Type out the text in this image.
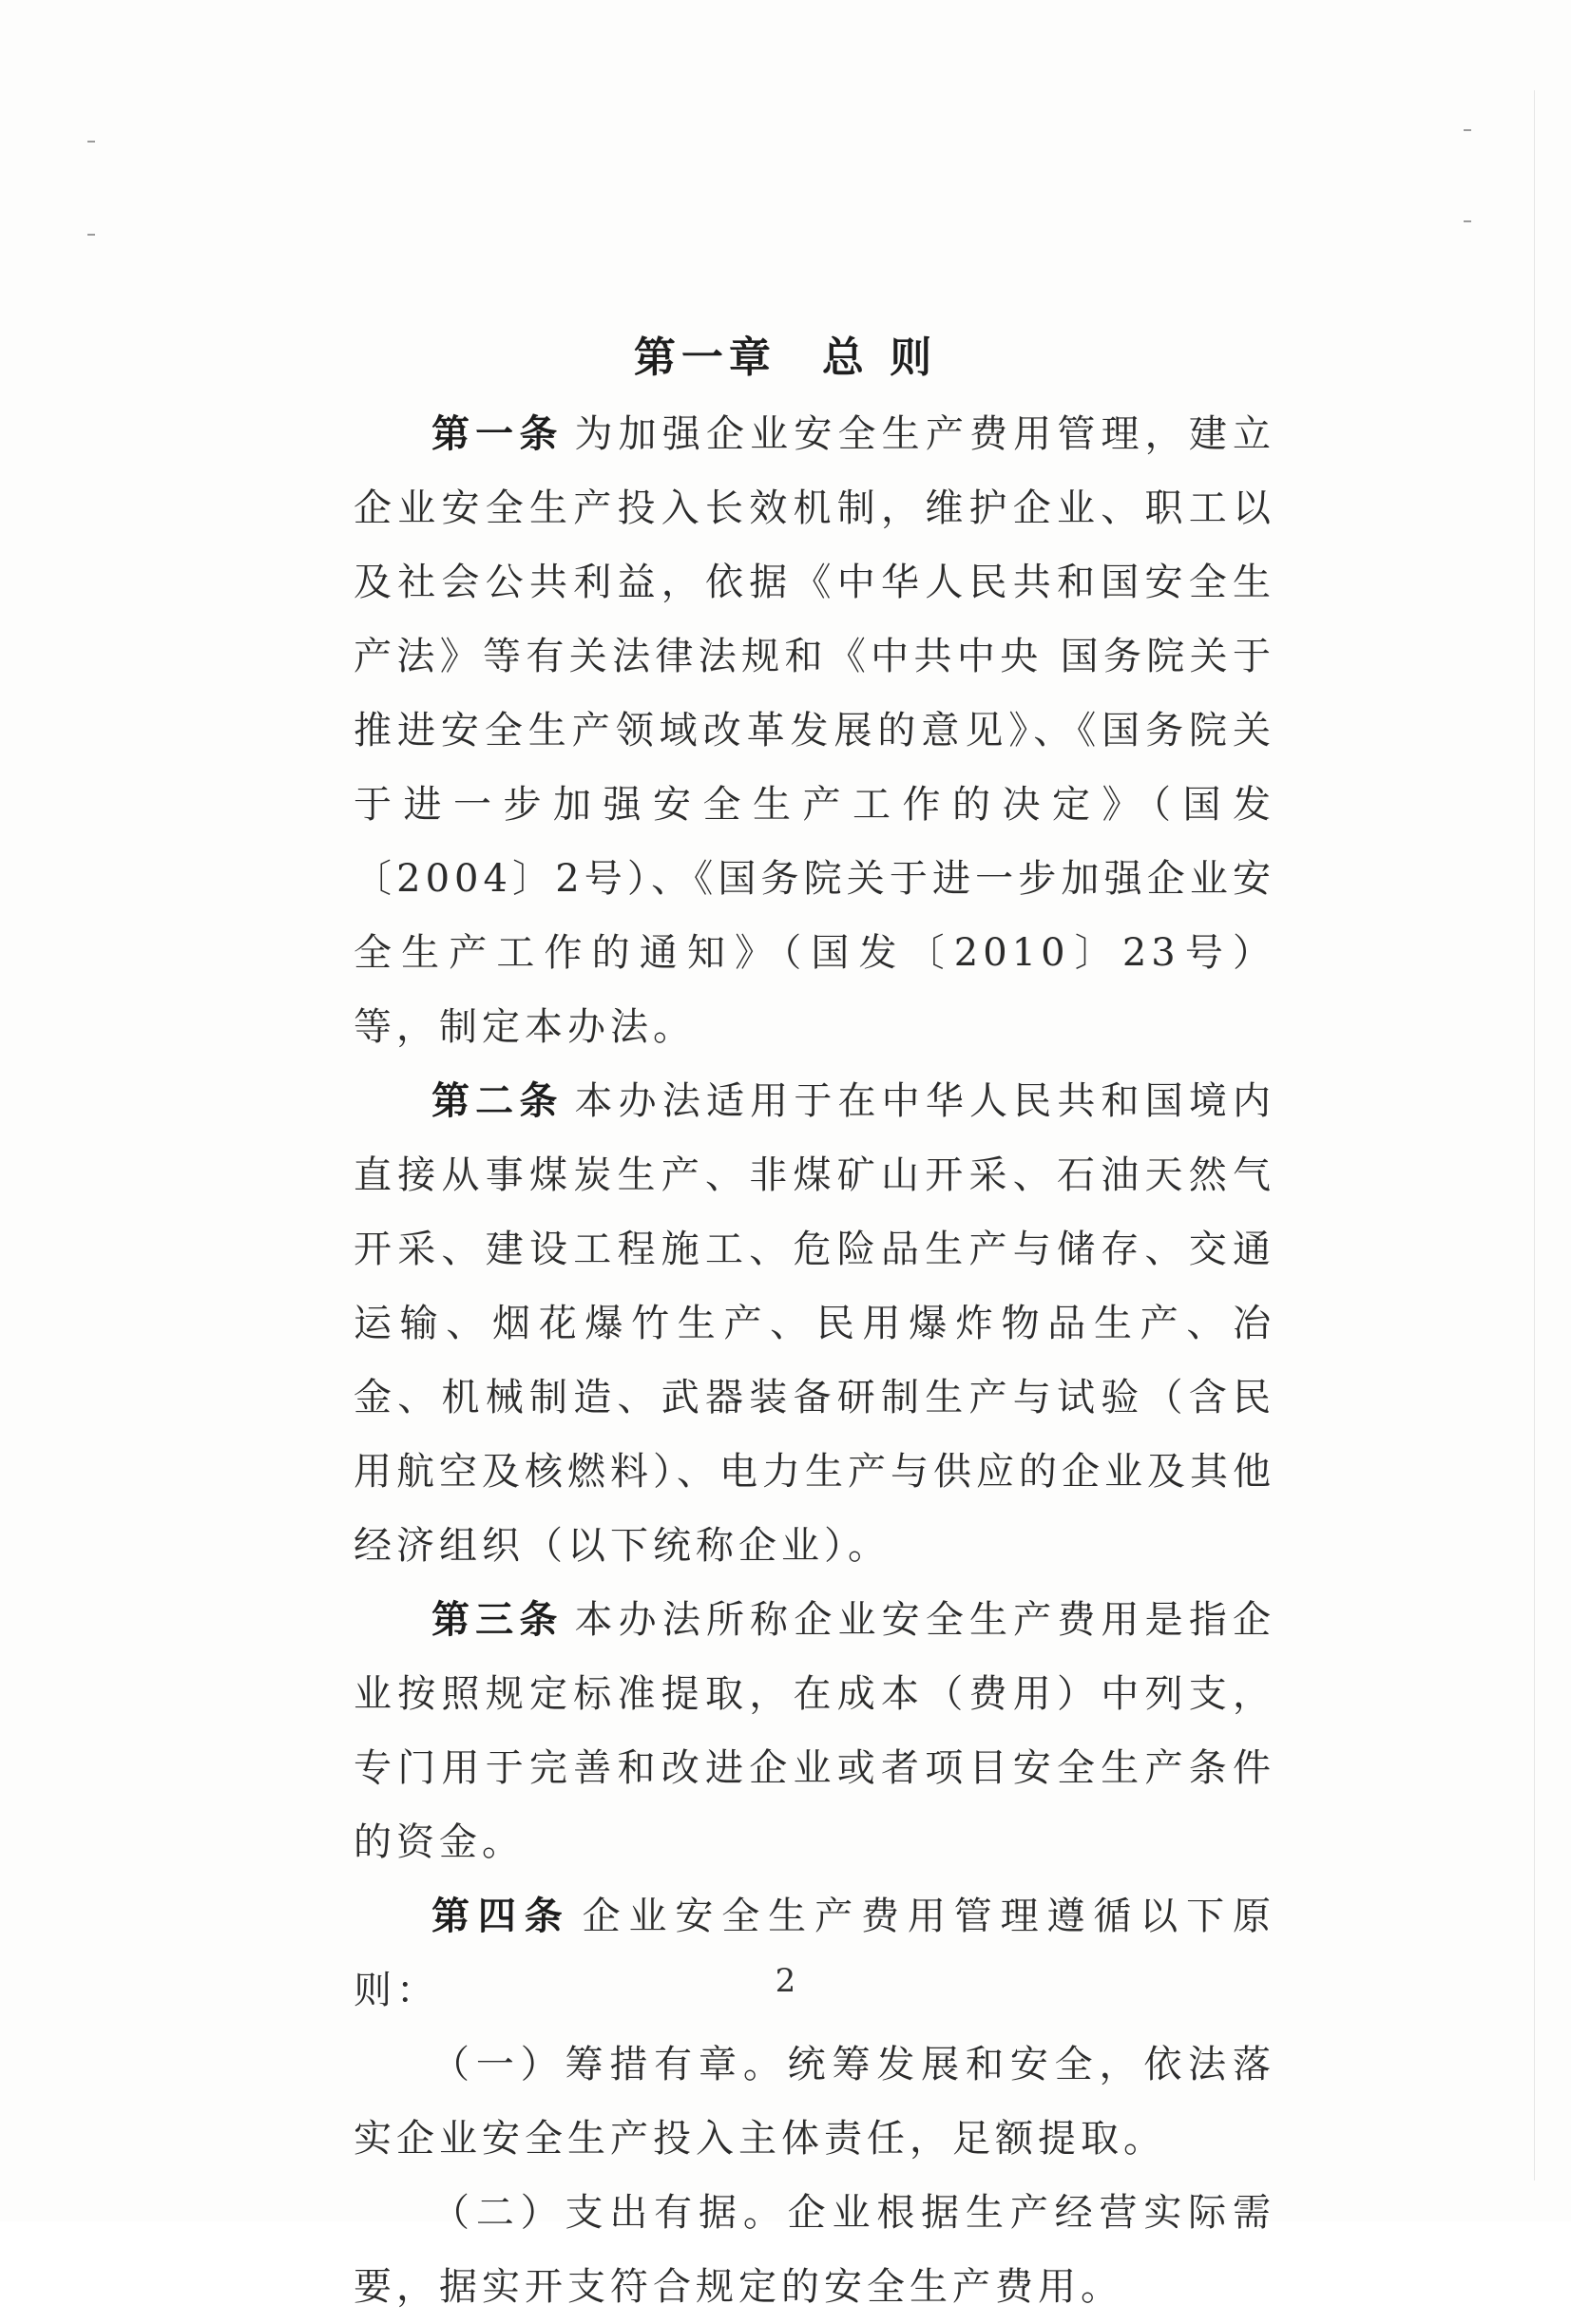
第一章 总 则

第一条 为加强企业安全生产费用管理，建立企业安全生产投入长效机制，维护企业、职工以及社会公共利益，依据《中华人民共和国安全生产法》等有关法律法规和《中共中央 国务院关于推进安全生产领域改革发展的意见》、《国务院关于进一步加强安全生产工作的决定》（国发〔2004〕2号）、《国务院关于进一步加强企业安全生产工作的通知》（国发〔2010〕23号）等，制定本办法。

第二条 本办法适用于在中华人民共和国境内直接从事煤炭生产、非煤矿山开采、石油天然气开采、建设工程施工、危险品生产与储存、交通运输、烟花爆竹生产、民用爆炸物品生产、冶金、机械制造、武器装备研制生产与试验（含民用航空及核燃料）、电力生产与供应的企业及其他经济组织（以下统称企业）。

第三条 本办法所称企业安全生产费用是指企业按照规定标准提取，在成本（费用）中列支，专门用于完善和改进企业或者项目安全生产条件的资金。

第四条 企业安全生产费用管理遵循以下原则：

（一）筹措有章。统筹发展和安全，依法落实企业安全生产投入主体责任，足额提取。

（二）支出有据。企业根据生产经营实际需要，据实开支符合规定的安全生产费用。

2
